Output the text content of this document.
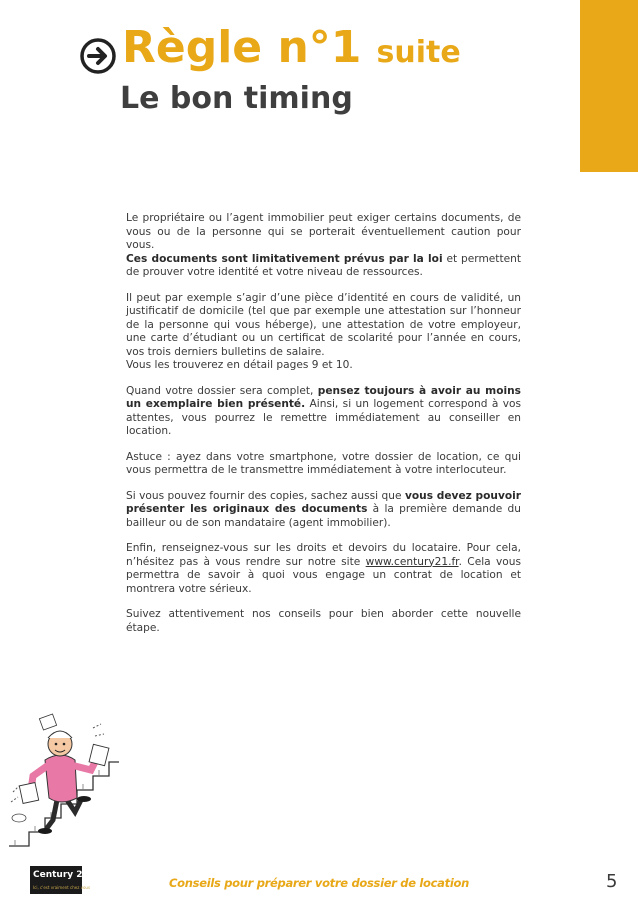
Règle n°1 suite
Le bon timing

Le propriétaire ou l’agent immobilier peut exiger certains documents, de vous ou de la personne qui se porterait éventuellement caution pour vous.
Ces documents sont limitativement prévus par la loi et permettent de prouver votre identité et votre niveau de ressources.

Il peut par exemple s’agir d’une pièce d’identité en cours de validité, un justificatif de domicile (tel que par exemple une attestation sur l’honneur de la personne qui vous héberge), une attestation de votre employeur, une carte d’étudiant ou un certificat de scolarité pour l’année en cours, vos trois derniers bulletins de salaire.
Vous les trouverez en détail pages 9 et 10.

Quand votre dossier sera complet, pensez toujours à avoir au moins un exemplaire bien présenté. Ainsi, si un logement correspond à vos attentes, vous pourrez le remettre immédiatement au conseiller en location.

Astuce : ayez dans votre smartphone, votre dossier de location, ce qui vous permettra de le transmettre immédiatement à votre interlocuteur.

Si vous pouvez fournir des copies, sachez aussi que vous devez pouvoir présenter les originaux des documents à la première demande du bailleur ou de son mandataire (agent immobilier).

Enfin, renseignez-vous sur les droits et devoirs du locataire. Pour cela, n’hésitez pas à vous rendre sur notre site www.century21.fr. Cela vous permettra de savoir à quoi vous engage un contrat de location et montrera votre sérieux.

Suivez attentivement nos conseils pour bien aborder cette nouvelle étape.

Century 21
Ici, c'est vraiment chez vous	Conseils pour préparer votre dossier de location	5
